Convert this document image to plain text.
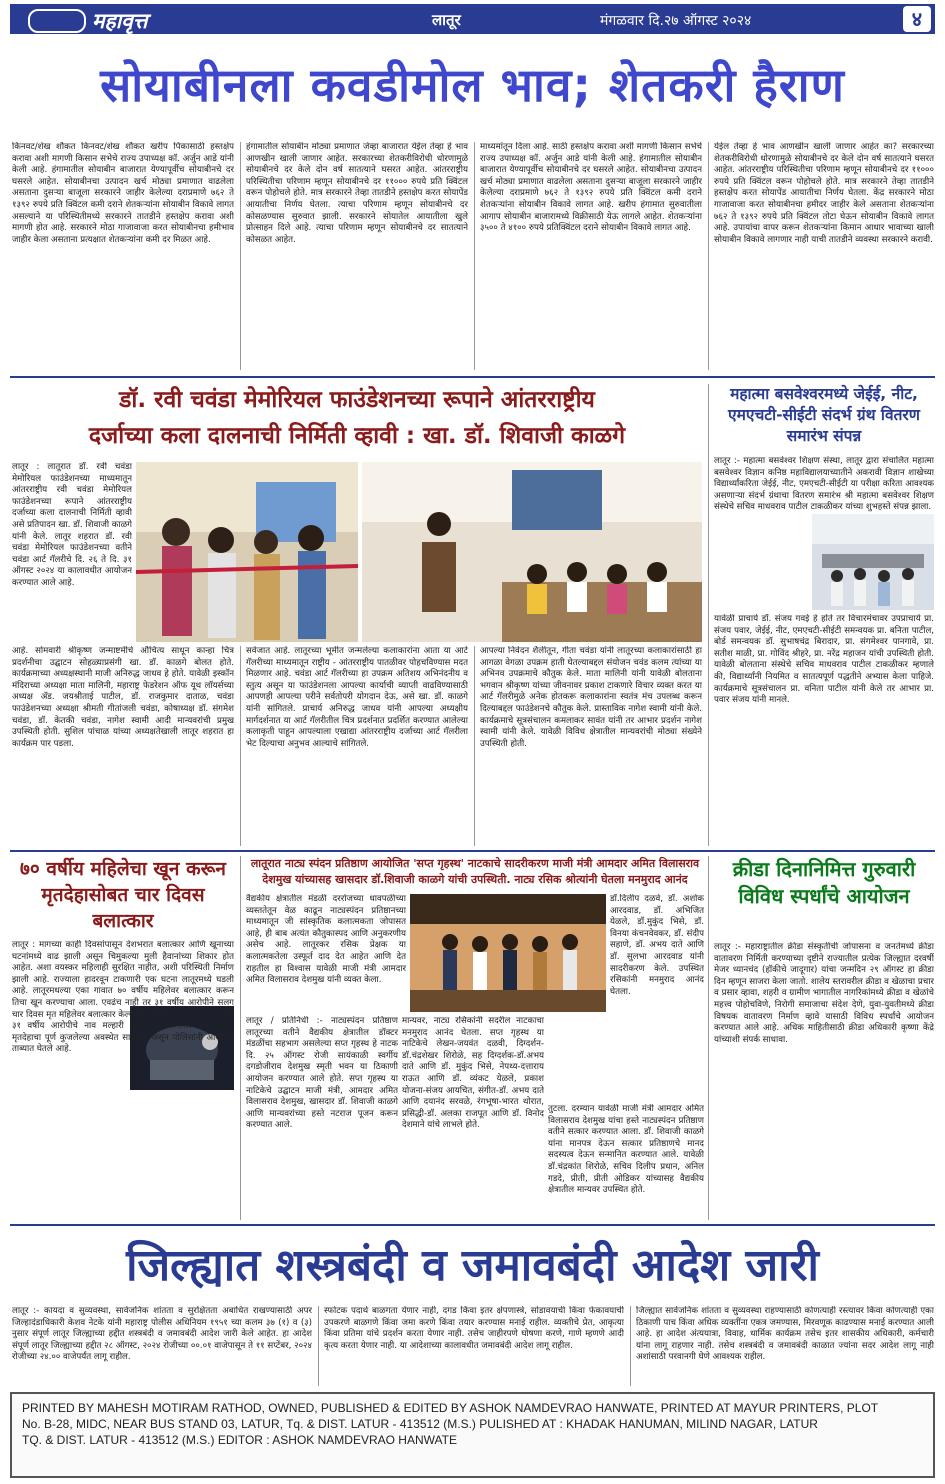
महावृत्त	लातूर	मंगळवार दि.२७ ऑगस्ट २०२४	४
सोयाबीनला कवडीमोल भाव; शेतकरी हैराण
किनवट/शेख शौकत किनवट/शेख शौकत खरीप पिकासाठी हस्तक्षेप करावा अशी मागणी किसान सभेचे राज्य उपाध्यक्ष कॉ. अर्जुन आडे यांनी केली आहे. हंगामातील सोयाबीन बाजारात येण्यापूर्वीच सोयाबीनचे दर घसरले आहेत. सोयाबीनचा उत्पादन खर्च मोठ्या प्रमाणात वाढलेला असताना दुसऱ्या बाजूला सरकारने जाहीर केलेल्या दराप्रमाणे ७६२ ते १३९२ रुपये प्रति क्विंटल कमी दराने शेतकऱ्यांना सोयाबीन विकावे लागत असल्याने या परिस्थितीमध्ये सरकारने तातडीने हस्तक्षेप करावा अशी मागणी होत आहे. सरकारने मोठा गाजावाजा करत सोयाबीनचा हमीभाव जाहीर केला असताना प्रत्यक्षात शेतकऱ्यांना कमी दर मिळत आहे.
हंगामातील सोयाबीन मोठ्या प्रमाणात जेव्हा बाजारात येईल तेव्हा हे भाव आणखीन खाली जाणार आहेत. सरकारच्या शेतकरीविरोधी धोरणामुळे सोयाबीनचे दर केले दोन वर्ष सातत्याने घसरत आहेत. आंतरराष्ट्रीय परिस्थितीचा परिणाम म्हणून सोयाबीनचे दर ११००० रुपये प्रति क्विंटल वरून पोहोचले होते. मात्र सरकारने तेव्हा तातडीने हस्तक्षेप करत सोयापेंड आयातीचा निर्णय घेतला. त्याचा परिणाम म्हणून सोयाबीनचे दर कोसळण्यास सुरुवात झाली. सरकारने सोयातेल आयातीला खुले प्रोत्साहन दिले आहे. त्याचा परिणाम म्हणून सोयाबीनचे दर सातत्याने कोसळत आहेत.
माध्यमांतून दिला आहे. साठी हस्तक्षेप करावा अशी मागणी किसान सभेचे राज्य उपाध्यक्ष कॉ. अर्जुन आडे यांनी केली आहे. हंगामातील सोयाबीन बाजारात येण्यापूर्वीच सोयाबीनचे दर घसरले आहेत. सोयाबीनचा उत्पादन खर्च मोठ्या प्रमाणात वाढलेला असताना दुसऱ्या बाजूला सरकारने जाहीर केलेल्या दराप्रमाणे ७६२ ते १३९२ रुपये प्रति क्विंटल कमी दराने शेतकऱ्यांना सोयाबीन विकावे लागत आहे. खरीप हंगामात सुरुवातीला आगाप सोयाबीन बाजारामध्ये विक्रीसाठी येऊ लागले आहेत. शेतकऱ्यांना ३५०० ते ४१०० रुपये प्रतिक्विंटल दराने सोयाबीन विकावे लागत आहे.
येईल तेव्हा हे भाव आणखीन खाली जाणार आहेत का? सरकारच्या शेतकरीविरोधी धोरणामुळे सोयाबीनचे दर केले दोन वर्ष सातत्याने घसरत आहेत. आंतरराष्ट्रीय परिस्थितीचा परिणाम म्हणून सोयाबीनचे दर ११००० रुपये प्रति क्विंटल वरून पोहोचले होते. मात्र सरकारने तेव्हा तातडीने हस्तक्षेप करत सोयापेंड आयातीचा निर्णय घेतला. केंद्र सरकारने मोठा गाजावाजा करत सोयाबीनचा हमीदर जाहीर केले असताना शेतकऱ्यांना ७६२ ते १३९२ रुपये प्रति क्विंटल तोटा घेऊन सोयाबीन विकावे लागत आहे. उपायांचा वापर करून शेतकऱ्यांना किमान आधार भावाच्या खाली सोयाबीन विकावे लागणार नाही याची तातडीने व्यवस्था सरकारने करावी.
डॉ. रवी चवंडा मेमोरियल फाउंडेशनच्या रूपाने आंतरराष्ट्रीय
दर्जाच्या कला दालनाची निर्मिती व्हावी : खा. डॉ. शिवाजी काळगे
लातूर : लातूरात डॉ. रवी चवंडा मेमोरियल फाउंडेशनच्या माध्यमातून आंतरराष्ट्रीय रवी चवंडा मेमोरियल फाउंडेशनच्या रूपाने आंतरराष्ट्रीय दर्जाच्या कला दालनाची निर्मिती व्हावी असे प्रतिपादन खा. डॉ. शिवाजी काळगे यांनी केले. लातूर शहरात डॉ. रवी चवंडा मेमोरियल फाउंडेशनच्या वतीने चवंडा आर्ट गॅलरीचे दि. २६ ते दि. ३१ ऑगस्ट २०२४ या कालावधीत आयोजन करण्यात आले आहे.
आहे. सोमवारी श्रीकृष्ण जन्माष्टमीचे औचित्य साधून कान्हा चित्र प्रदर्शनीचा उद्घाटन सोहळ्याप्रसंगी खा. डॉ. काळगे बोलत होते. कार्यक्रमाच्या अध्यक्षस्थानी माजी अनिरुद्ध जाधव हे होते. यावेळी इस्कॉन मंदिराच्या अध्यक्षा माता मालिनी, महाराष्ट्र फेडरेशन ऑफ यूथ लॉयर्सच्या अध्यक्ष ॲड. जयश्रीताई पाटील, डॉ. राजकुमार दाताळ, चवंडा फाउंडेशनच्या अध्यक्षा श्रीमती गीतांजली चवंडा, कोषाध्यक्ष डॉ. संगमेश चवंडा, डॉ. केतकी चवंडा, नागेश स्वामी आदी मान्यवरांची प्रमुख उपस्थिती होती. सुशिल पांचाळ यांच्या अध्यक्षतेखाली लातूर शहरात हा कार्यक्रम पार पडला.
सर्वजात आहे. लातूरच्या भूमीत जन्मलेल्या कलाकारांना आता या आर्ट गॅलरीच्या माध्यमातून राष्ट्रीय - आंतरराष्ट्रीय पातळीवर पोहचविण्यास मदत मिळणार आहे. चवंडा आर्ट गॅलरीच्या हा उपक्रम अतिशय अभिनंदनीय व स्तुत्य असून या फाउंडेशनला आपल्या कार्याची व्याप्ती वाढविण्यासाठी आपणही आपल्या परीने सर्वतोपरी योगदान देऊ, असे खा. डॉ. काळगे यांनी सांगितले. प्राचार्य अनिरुद्ध जाधव यांनी आपल्या अध्यक्षीय मार्गदर्शनात या आर्ट गॅलरीतील चित्र प्रदर्शनात प्रदर्शित करण्यात आलेल्या कलाकृती पाहून आपल्याला एखाद्या आंतरराष्ट्रीय दर्जाच्या आर्ट गॅलरीला भेट दिल्याचा अनुभव आल्याचे सांगितले.
आपल्या निवेदन शैलीतून, गीता चवंडा यांनी लातूरच्या कलाकारांसाठी हा आगळा वेगळा उपक्रम हाती घेतल्याबद्दल संयोजन चवंड कलम त्यांच्या या अभिनव उपक्रमाचे कौतुक केले. माता मालिनी यांनी यावेळी बोलताना भगवान श्रीकृष्ण यांच्या जीवनावर प्रकाश टाकणारे विचार व्यक्त करत या आर्ट गॅलरीमुळे अनेक होतकरू कलाकारांना स्वतंत्र मंच उपलब्ध करून दिल्याबद्दल फाउंडेशनचे कौतुक केले. प्रास्ताविक नागेश स्वामी यांनी केले. कार्यक्रमाचे सूत्रसंचालन कमलाकर सावंत यांनी तर आभार प्रदर्शन नागेश स्वामी यांनी केले. यावेळी विविध क्षेत्रातील मान्यवरांची मोठ्या संख्येने उपस्थिती होती.
महात्मा बसवेश्वरमध्ये जेईई, नीट, एमएचटी-सीईटी संदर्भ ग्रंथ वितरण समारंभ संपन्न
लातूर :- महात्मा बसवेश्वर शिक्षण संस्था, लातूर द्वारा संचालित महात्मा बसवेश्वर विज्ञान कनिष्ठ महाविद्यालयाच्यातीने अकरावी विज्ञान शाखेच्या विद्यार्थ्यांकरिता जेईई, नीट, एमएचटी-सीईटी या परीक्षा करिता आवश्यक असणाऱ्या संदर्भ ग्रंथाचा वितरण समारंभ श्री महात्मा बसवेश्वर शिक्षण संस्थेचे सचिव माधवराव पाटील टाकळीकर यांच्या शुभहस्ते संपन्न झाला.
यावेळी प्राचार्य डॉ. संजय गवई हे होते तर विचारमंचावर उपप्राचार्य प्रा. संजय पवार, जेईई, नीट, एमएचटी-सीईटी समन्वयक प्रा. बनिता पाटील, बोर्ड समन्वयक डॉ. सुभाषचंद्र बिरादार, प्रा. संगमेश्वर पानगावे, प्रा. सतीश माळी, प्रा. गोविंद श्रीहरे, प्रा. नरेंद्र महाजन यांची उपस्थिती होती. यावेळी बोलताना संस्थेचे सचिव माधवराव पाटील टाकळीकर म्हणाले की, विद्यार्थ्यांनी नियमित व सातत्यपूर्ण पद्धतीने अभ्यास केला पाहिजे. कार्यक्रमाचे सूत्रसंचालन प्रा. वनिता पाटील यांनी केले तर आभार प्रा. पवार संजय यांनी मानले.
७० वर्षीय महिलेचा खून करून मृतदेहासोबत चार दिवस बलात्कार
लातूर : मागच्या काही दिवसांपासून देशभरात बलात्कार आणि खूनाच्या घटनांमध्ये वाढ झाली असून चिमुकल्या मुली हैवानांच्या शिकार होत आहेत. अशा वयस्कर महिलाही सुरक्षित नाहीत, अशी परिस्थिती निर्माण झाली आहे. राज्याला हादरवून टाकणारी एक घटना लातूरमध्ये घडली आहे. लातूरमधल्या एका गावात ७० वर्षीय महिलेवर बलात्कार करून तिचा खून करण्याचा आला. एवढंच नाही तर ३१ वर्षीय आरोपीने सलग चार दिवस मृत महिलेवर बलात्कार केल्याचेही समोर आले आहे. घटनेतील ३१ वर्षीय आरोपीचे नाव मल्हारी असल्याचे सांगितले जात आहे. मृतदेहाचा पूर्ण कुजलेल्या अवस्थेत सापडला असून पोलिसांनी आरोपीस ताब्यात घेतले आहे.
लातूरात नाट्य स्पंदन प्रतिष्ठाण आयोजित 'सप्त गृहस्थ' नाटकाचे सादरीकरण माजी मंत्री आमदार अमित विलासराव देशमुख यांच्यासह खासदार डॉ.शिवाजी काळगे यांची उपस्थिती. नाट्य रसिक श्रोत्यांनी घेतला मनमुराद आनंद
वैद्यकीय क्षेत्रातील मंडळी दररोजच्या धावपळीच्या व्यस्ततेतून वेळ काढून नाट्यस्पंदन प्रतिष्ठानच्या माध्यमातून जी सांस्कृतिक कलात्मकता जोपासत आहे, ही बाब अत्यंत कौतुकास्पद आणि अनुकरणीय असेच आहे. लातूरकर रसिक प्रेक्षक या कलात्मकतेला उस्फूर्त दाद देत आहेत आणि देत राहतील हा विश्वास यावेळी माजी मंत्री आमदार अमित विलासराव देशमुख यांनी व्यक्त केला.
डॉ.दिलीप दळवे, डॉ. अशोक आरदवाड, डॉ. अभिजित येळले, डॉ.मुकुंद भिसे, डॉ. विनया कंचनवेवकर, डॉ. संदीप सहाणे, डॉ. अभय दाते आणि डॉ. सुलभा आरदवाड यांनी सादरीकरण केले. उपस्थित रसिकांनी मनमुराद आनंद घेतला.
लातूर / प्रतिनिधी :- नाट्यस्पंदन प्रतिष्ठाण लातूरच्या वतीने वैद्यकीय क्षेत्रातील डॉक्टर मंडळींचा सहभाग असलेल्या सप्त गृहस्थ हे नाटक दि. २५ ऑगस्ट रोजी सायंकाळी स्वर्गीय दगडोजीराव देशमुख स्मृती भवन या ठिकाणी आयोजन करण्यात आले होते. सप्त गृहस्थ या नाटिकेचे उद्घाटन माजी मंत्री, आमदार अमित विलासराव देशमुख, खासदार डॉ. शिवाजी काळगे आणि मान्यवरांच्या हस्ते नटराज पूजन करून करण्यात आले.
मान्यवर, नाट्य रसिकांनी सदरील नाटकाचा मनमुराद आनंद घेतला. सप्त गृहस्थ या नाटिकेचे लेखन-जयवंत दळवी, दिग्दर्शन-डॉ.चंद्रशेखर शिरोळे, सह दिग्दर्शक-डॉ.अभय दाते आणि डॉ. मुकुंद भिसे, नेपथ्य-दत्ताराय राऊत आणि डॉ. व्यंकट येळले, प्रकाश योजना-संजय आयचित, संगीत-डॉ. अभय दाते आणि दयानंद सरवळे, रंगभूषा-भारत थोरात, प्रसिद्धी-डॉ. अलका राजपूत आणि डॉ. विनोद देशमाने यांचे लाभले होते.
तुटला. दरम्यान यावेळी माजी मंत्री आमदार अमित विलासराव देशमुख यांचा हस्ते नाट्यस्पंदन प्रतिष्ठाण वतीने सत्कार करण्यात आला. डॉ. शिवाजी काळगे यांना मानपत्र देऊन सत्कार प्रतिष्ठाणचे मानद सदस्यत्व देऊन सन्मानित करण्यात आले. यावेळी डॉ.चंद्रकांत शिरोळे, सचिव दिलीप प्रधान, अनिल गडदे, प्रीती, प्रीती ओडिकर यांच्यासह वैद्यकीय क्षेत्रातील मान्यवर उपस्थित होते.
क्रीडा दिनानिमित्त गुरुवारी विविध स्पर्धांचे आयोजन
लातूर :- महाराष्ट्रातील क्रीडा संस्कृतीची जोपासना व जनतेमध्ये क्रीडा वातावरण निर्मिती करण्याच्या दृष्टीने राज्यातील प्रत्येक जिल्ह्यात दरवर्षी मेजर ध्यानचंद (हॉकीचे जादूगार) यांचा जन्मदिन २९ ऑगस्ट हा क्रीडा दिन म्हणून साजरा केला जातो. शालेय स्तरावरील क्रीडा व खेळाचा प्रचार व प्रसार व्हावा, शहरी व ग्रामीण भागातील नागरिकांमध्ये क्रीडा व खेळांचे महत्त्व पोहोचविणे, निरोगी समाजाचा संदेश देणे, युवा-युवतीमध्ये क्रीडा विषयक वातावरण निर्माण व्हावे यासाठी विविध स्पर्धांचे आयोजन करण्यात आले आहे. अधिक माहितीसाठी क्रीडा अधिकारी कृष्णा केंद्रे यांच्याशी संपर्क साधावा.
जिल्ह्यात शस्त्रबंदी व जमावबंदी आदेश जारी
लातूर :- कायदा व सुव्यवस्था, सार्वजनिक शांतता व सुरक्षितता अबाधित राखण्यासाठी अपर जिल्हादंडाधिकारी केशव नेटके यांनी महाराष्ट्र पोलीस अधिनियम १९५१ च्या कलम ३७ (१) व (३) नुसार संपूर्ण लातूर जिल्ह्याच्या हद्दीत शस्त्रबंदी व जमावबंदी आदेश जारी केले आहेत. हा आदेश संपूर्ण लातूर जिल्ह्याच्या हद्दीत २८ ऑगस्ट, २०२४ रोजीच्या ००.०१ वाजेपासून ते ११ सप्टेंबर, २०२४ रोजीच्या २४.०० वाजेपर्यंत लागू राहील.
स्फोटक पदार्थ बाळगता येणार नाही, दगड किंवा इतर क्षेपणास्त्रे, सोडावयाची किंवा फेकावयाची उपकरणे बाळगणे किंवा जमा करणे किंवा तयार करण्यास मनाई राहील. व्यक्तीचे प्रेत, आकृत्या किंवा प्रतिमा यांचे प्रदर्शन करता येणार नाही. तसेच जाहीरपणे घोषणा करणे, गाणे म्हणणे आदी कृत्य करता येणार नाही. या आदेशाच्या कालावधीत जमावबंदी आदेश लागू राहील.
जिल्ह्यात सार्वजनिक शांतता व सुव्यवस्था राहण्यासाठी कोणत्याही रस्त्यावर किंवा कोणत्याही एका ठिकाणी पाच किंवा अधिक व्यक्तींना एकत्र जमण्यास, मिरवणूक काढण्यास मनाई करण्यात आली आहे. हा आदेश अंत्ययात्रा, विवाह, धार्मिक कार्यक्रम तसेच इतर शासकीय अधिकारी, कर्मचारी यांना लागू राहणार नाही. तसेच शस्त्रबंदी व जमावबंदी काळात ज्यांना सदर आदेश लागू नाही अशांसाठी परवानगी घेणे आवश्यक राहील.

PRINTED BY MAHESH MOTIRAM RATHOD, OWNED, PUBLISHED & EDITED BY ASHOK NAMDEVRAO HANWATE, PRINTED AT MAYUR PRINTERS, PLOT

No. B-28, MIDC, NEAR BUS STAND 03, LATUR, Tq. & DIST. LATUR - 413512 (M.S.) PULISHED AT : KHADAK HANUMAN, MILIND NAGAR, LATUR

TQ. & DIST. LATUR - 413512 (M.S.) EDITOR : ASHOK NAMDEVRAO HANWATE
